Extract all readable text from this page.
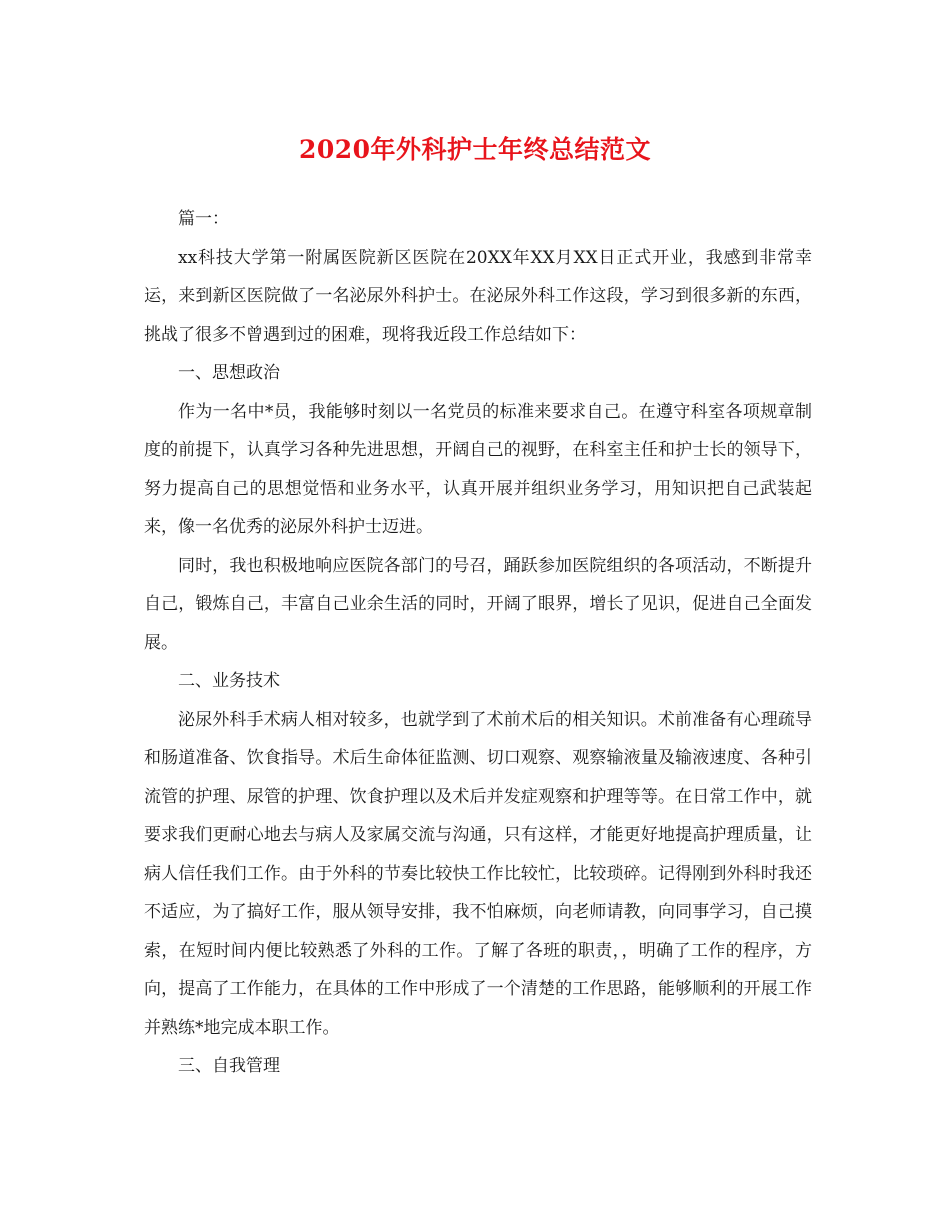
2020年外科护士年终总结范文

篇一：

xx科技大学第一附属医院新区医院在20XX年XX月XX日正式开业，我感到非常幸运，来到新区医院做了一名泌尿外科护士。在泌尿外科工作这段，学习到很多新的东西，挑战了很多不曾遇到过的困难，现将我近段工作总结如下：

一、思想政治

作为一名中*员，我能够时刻以一名党员的标准来要求自己。在遵守科室各项规章制度的前提下，认真学习各种先进思想，开阔自己的视野，在科室主任和护士长的领导下，努力提高自己的思想觉悟和业务水平，认真开展并组织业务学习，用知识把自己武装起来，像一名优秀的泌尿外科护士迈进。

同时，我也积极地响应医院各部门的号召，踊跃参加医院组织的各项活动，不断提升自己，锻炼自己，丰富自己业余生活的同时，开阔了眼界，增长了见识，促进自己全面发展。

二、业务技术

泌尿外科手术病人相对较多，也就学到了术前术后的相关知识。术前准备有心理疏导和肠道准备、饮食指导。术后生命体征监测、切口观察、观察输液量及输液速度、各种引流管的护理、尿管的护理、饮食护理以及术后并发症观察和护理等等。在日常工作中，就要求我们更耐心地去与病人及家属交流与沟通，只有这样，才能更好地提高护理质量，让病人信任我们工作。由于外科的节奏比较快工作比较忙，比较琐碎。记得刚到外科时我还不适应，为了搞好工作，服从领导安排，我不怕麻烦，向老师请教，向同事学习，自己摸索，在短时间内便比较熟悉了外科的工作。了解了各班的职责，，明确了工作的程序，方向，提高了工作能力，在具体的工作中形成了一个清楚的工作思路，能够顺利的开展工作并熟练*地完成本职工作。

三、自我管理
